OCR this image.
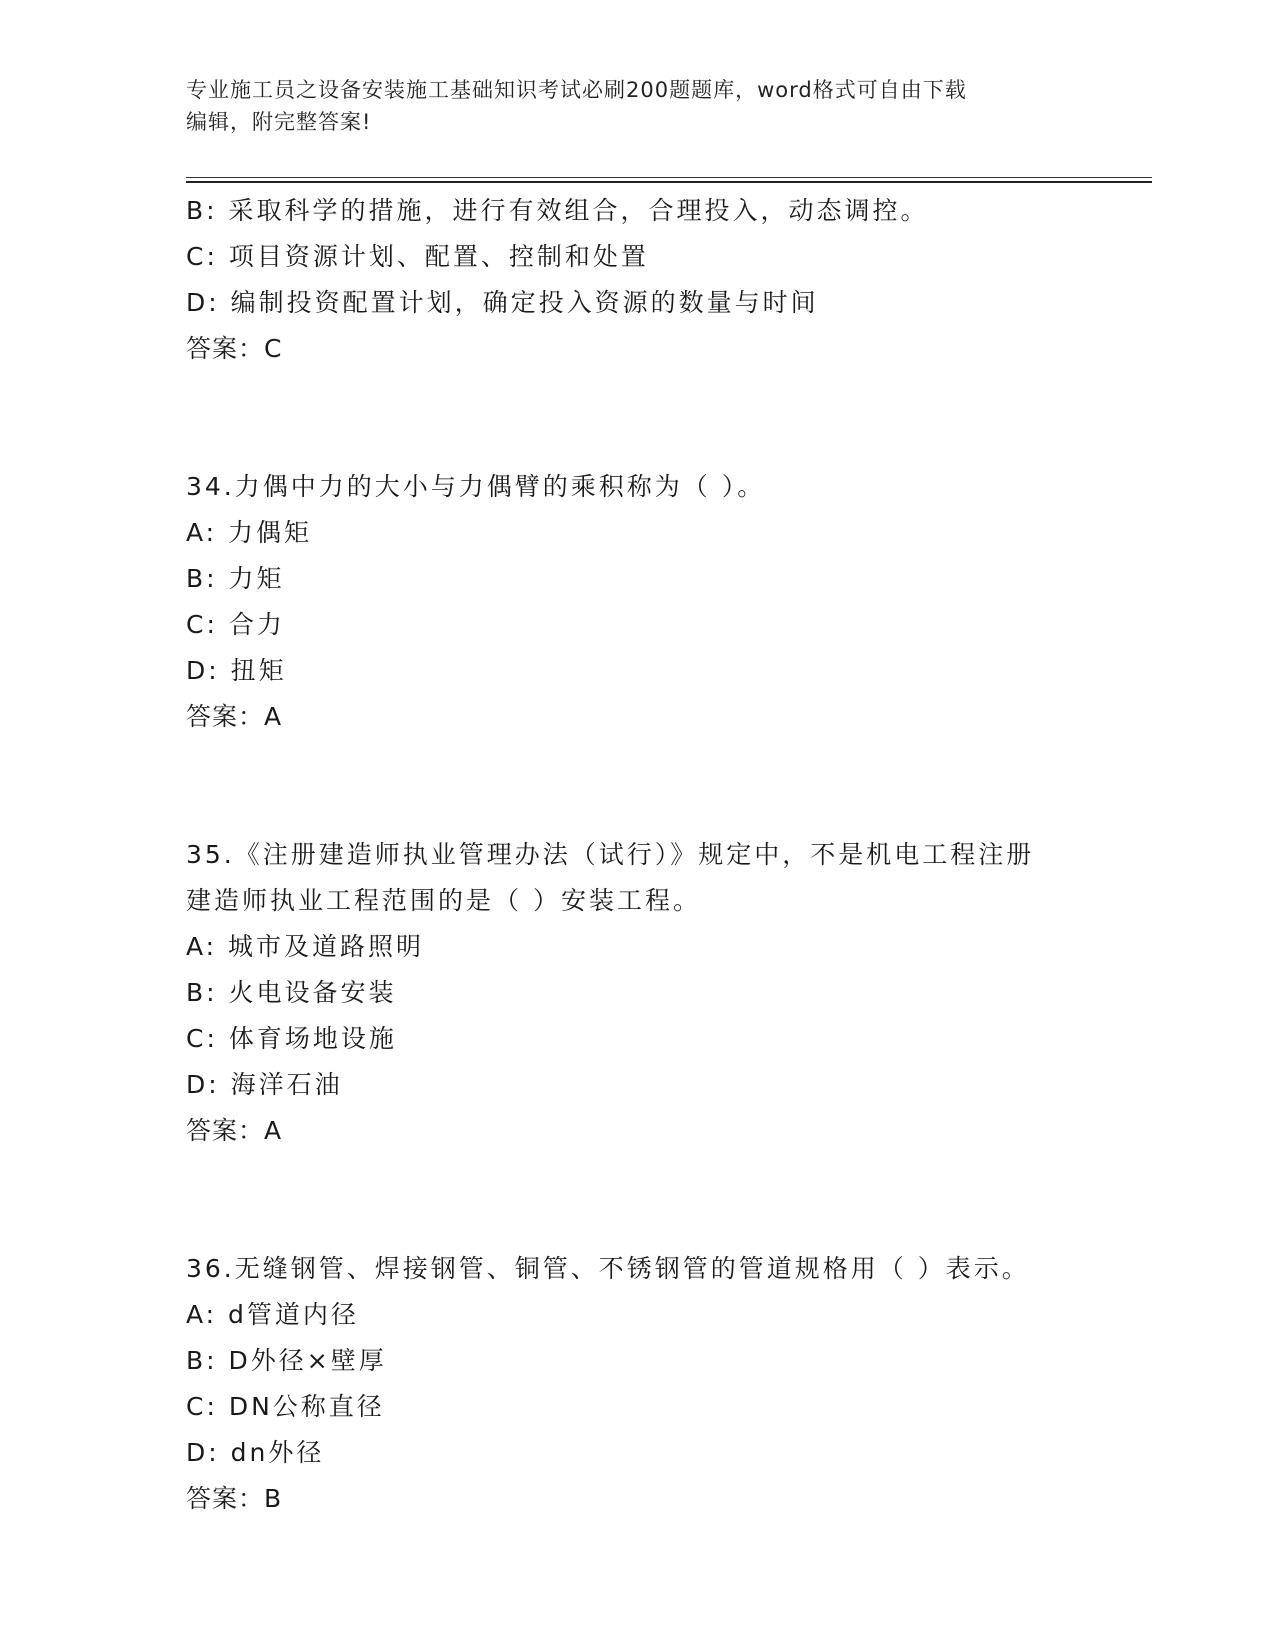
专业施工员之设备安装施工基础知识考试必刷200题题库，word格式可自由下载
编辑，附完整答案!
B: 采取科学的措施，进行有效组合，合理投入，动态调控。
C: 项目资源计划、配置、控制和处置
D: 编制投资配置计划，确定投入资源的数量与时间
答案：C
34.力偶中力的大小与力偶臂的乘积称为（ ）。
A: 力偶矩
B: 力矩
C: 合力
D: 扭矩
答案：A
35.《注册建造师执业管理办法（试行）》规定中，不是机电工程注册
建造师执业工程范围的是（ ）安装工程。
A: 城市及道路照明
B: 火电设备安装
C: 体育场地设施
D: 海洋石油
答案：A
36.无缝钢管、焊接钢管、铜管、不锈钢管的管道规格用（ ）表示。
A: d管道内径
B: D外径×壁厚
C: DN公称直径
D: dn外径
答案：B
